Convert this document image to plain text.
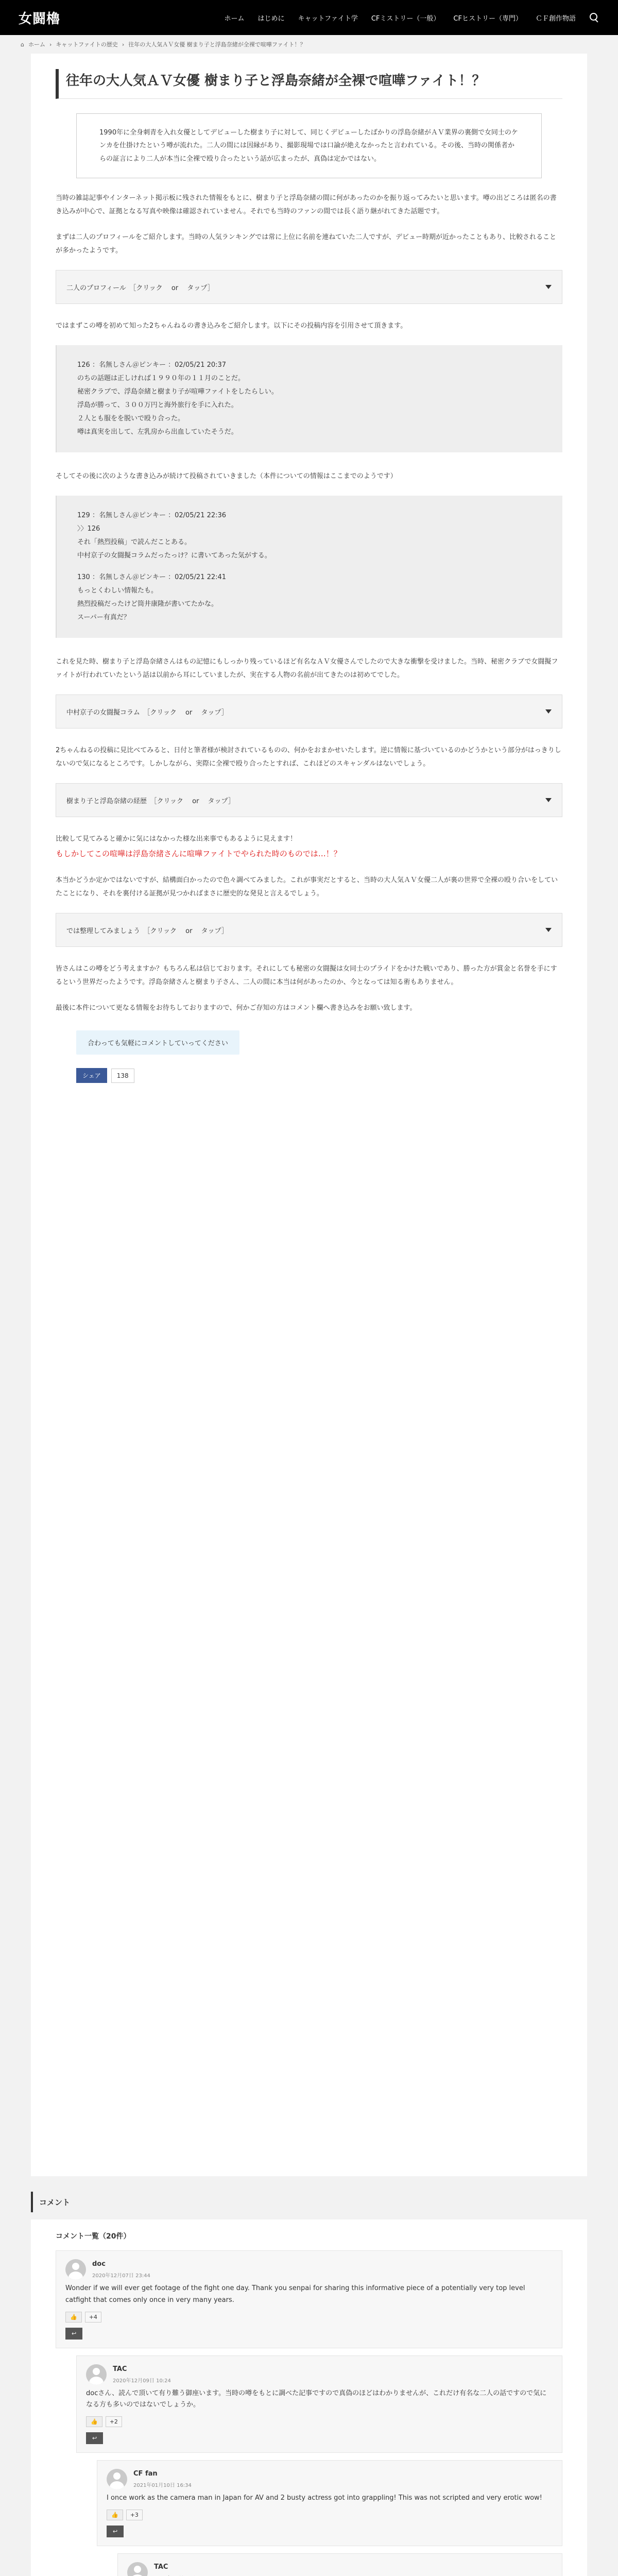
女闘櫓	ホーム はじめに キャットファイト学 CFミストリー（一般） CFヒストリー（専門） ＣＦ創作物語
⌂ ホーム › キャットファイトの歴史 › 往年の大人気ＡＶ女優 樹まり子と浮島奈緒が全裸で喧嘩ファイト！？
往年の大人気ＡＶ女優 樹まり子と浮島奈緒が全裸で喧嘩ファイト！？
1990年に全身刺青を入れ女優としてデビューした樹まり子に対して、同じくデビューしたばかりの浮島奈緒がＡＶ業界の裏側で女同士のケンカを仕掛けたという噂が流れた。二人の間には因縁があり、撮影現場では口論が絶えなかったと言われている。その後、当時の関係者からの証言により二人が本当に全裸で殴り合ったという話が広まったが、真偽は定かではない。

当時の雑誌記事やインターネット掲示板に残された情報をもとに、樹まり子と浮島奈緒の間に何があったのかを振り返ってみたいと思います。噂の出どころは匿名の書き込みが中心で、証拠となる写真や映像は確認されていません。それでも当時のファンの間では長く語り継がれてきた話題です。

まずは二人のプロフィールをご紹介します。当時の人気ランキングでは常に上位に名前を連ねていた二人ですが、デビュー時期が近かったこともあり、比較されることが多かったようです。

二人のプロフィール　［クリック　 or 　タップ］

ではまずこの噂を初めて知った2ちゃんねるの書き込みをご紹介します。以下にその投稿内容を引用させて頂きます。

126 ：名無しさん＠ピンキー ：02/05/21 20:37
のちの話題は正しければ１９９０年の１１月のことだ。
秘密クラブで、浮島奈緒と樹まり子が喧嘩ファイトをしたらしい。
浮島が勝って、３００万円と海外旅行を手に入れた。
２人とも服をを脱いで殴り合った。
噂は真実を出して、左乳房から出血していたそうだ。

そしてその後に次のような書き込みが続けて投稿されていきました（本件についての情報はここまでのようです）

129 ：名無しさん＠ピンキー ：02/05/21 22:36
〉〉126
それ「熱烈投稿」で読んだことある。
中村京子の女闘擬コラムだったっけ？に書いてあった気がする。
130 ：名無しさん＠ピンキー ：02/05/21 22:41
もっとくわしい情報たも。
熱烈投稿だったけど筒井康隆が書いてたかな。
スーパー有真だ？

これを見た時、樹まり子と浮島奈緒さんはもの記憶にもしっかり残っているほど有名なＡＶ女優さんでしたので大きな衝撃を受けました。当時、秘密クラブで女闘擬ファイトが行われていたという話は以前から耳にしていましたが、実在する人物の名前が出てきたのは初めてでした。

中村京子の女闘擬コラム　［クリック　 or 　タップ］

2ちゃんねるの投稿に見比べてみると、日付と筆者様が検討されているものの、何かをおまかせいたします。逆に情報に基づいているのかどうかという部分がはっきりしないので気になるところです。しかしながら、実際に全裸で殴り合ったとすれば、これほどのスキャンダルはないでしょう。

樹まり子と浮島奈緒の経歴　［クリック　 or 　タップ］

比較して見てみると確かに気にはなかった様な出来事でもあるように見えます！
もしかしてこの喧嘩は浮島奈緒さんに喧嘩ファイトでやられた時のものでは…！？

本当かどうか定かではないですが、結構面白かったので色々調べてみました。これが事実だとすると、当時の大人気ＡＶ女優二人が裏の世界で全裸の殴り合いをしていたことになり、それを裏付ける証拠が見つかればまさに歴史的な発見と言えるでしょう。

では整理してみましょう　［クリック　 or 　タップ］

皆さんはこの噂をどう考えますか？もちろん私は信じております。それにしても秘密の女闘擬は女同士のプライドをかけた戦いであり、勝った方が賞金と名誉を手にするという世界だったようです。浮島奈緒さんと樹まり子さん、二人の間に本当は何があったのか、今となっては知る術もありません。

最後に本件について更なる情報をお待ちしておりますので、何かご存知の方はコメント欄へ書き込みをお願い致します。

合わっても気軽にコメントしていってください
シェア	138
コメント
コメント一覧（20件）
doc
2020年12月07日 23:44
Wonder if we will ever get footage of the fight one day. Thank you senpai for sharing this informative piece of a potentially very top level catfight that comes only once in very many years.
👍	+4
↩
TAC
2020年12月09日 10:24
docさん、読んで頂いて有り難う御座います。当時の噂をもとに調べた記事ですので真偽のほどはわかりませんが、これだけ有名な二人の話ですので気になる方も多いのではないでしょうか。
👍	+2
↩
CF fan
2021年01月10日 16:34
I once work as the camera man in Japan for AV and 2 busty actress got into grappling! This was not scripted and very erotic wow!
👍	+3
↩
TAC
